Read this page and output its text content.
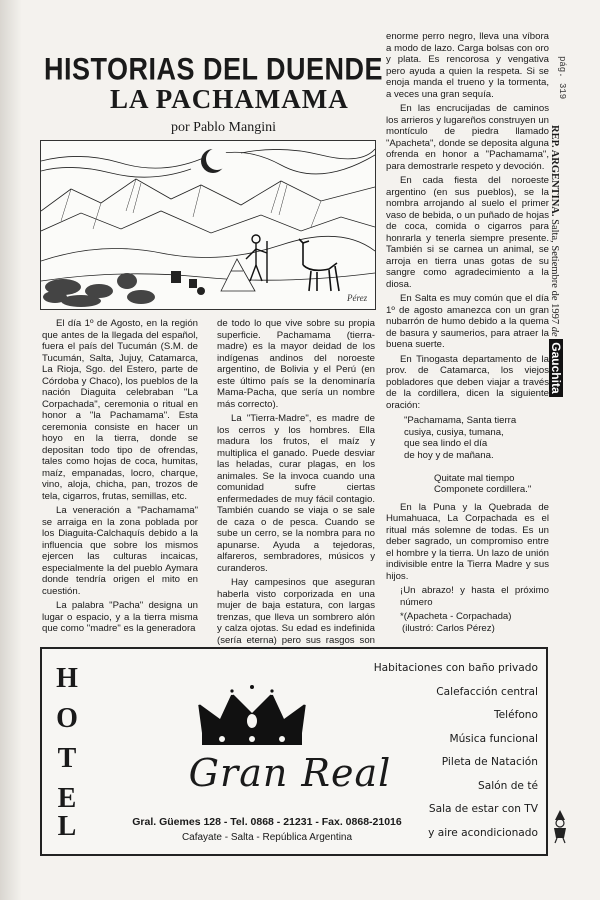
HISTORIAS DEL DUENDE
LA PACHAMAMA
por Pablo Mangini
Pérez

El día 1º de Agosto, en la región que antes de la llegada del español, fuera el país del Tucumán (S.M. de Tucumán, Salta, Jujuy, Catamarca, La Rioja, Sgo. del Estero, parte de Córdoba y Chaco), los pueblos de la nación Diaguita celebraban "La Corpachada", ceremonia o ritual en honor a "la Pachamama". Esta ceremonia consiste en hacer un hoyo en la tierra, donde se depositan todo tipo de ofrendas, tales como hojas de coca, humitas, maíz, empanadas, locro, charque, vino, aloja, chicha, pan, trozos de tela, cigarros, frutas, semillas, etc.

La veneración a "Pachamama" se arraiga en la zona poblada por los Diaguita-Calchaquís debido a la influencia que sobre los mismos ejercen las culturas incaicas, especialmente la del pueblo Aymara donde tendría origen el mito en cuestión.

La palabra "Pacha" designa un lugar o espacio, y a la tierra misma que como "madre" es la generadora

de todo lo que vive sobre su propia superficie. Pachamama (tierra-madre) es la mayor deidad de los indígenas andinos del noroeste argentino, de Bolivia y el Perú (en este último país se la denominaría Mama-Pacha, que sería un nombre más correcto).

La "Tierra-Madre", es madre de los cerros y los hombres. Ella madura los frutos, el maíz y multiplica el ganado. Puede desviar las heladas, curar plagas, en los animales. Se la invoca cuando una comunidad sufre ciertas enfermedades de muy fácil contagio. También cuando se viaja o se sale de caza o de pesca. Cuando se sube un cerro, se la nombra para no apunarse. Ayuda a tejedoras, alfareros, sembradores, músicos y curanderos.

Hay campesinos que aseguran haberla visto corporizada en una mujer de baja estatura, con largas trenzas, que lleva un sombrero alón y calza ojotas. Su edad es indefinida (sería eterna) pero sus rasgos son

enorme perro negro, lleva una víbora a modo de lazo. Carga bolsas con oro y plata. Es rencorosa y vengativa pero ayuda a quien la respeta. Si se enoja manda el trueno y la tormenta, a veces una gran sequía.

En las encrucijadas de caminos los arrieros y lugareños construyen un montículo de piedra llamado "Apacheta", donde se deposita alguna ofrenda en honor a "Pachamama", para demostrarle respeto y devoción.

En cada fiesta del noroeste argentino (en sus pueblos), se la nombra arrojando al suelo el primer vaso de bebida, o un puñado de hojas de coca, comida o cigarros para honrarla y tenerla siempre presente. También si se carnea un animal, se arroja en tierra unas gotas de su sangre como agradecimiento a la diosa.

En Salta es muy común que el día 1º de agosto amanezca con un gran nubarrón de humo debido a la quema de basura y saumerios, para atraer la buena suerte.

En Tinogasta departamento de la prov. de Catamarca, los viejos pobladores que deben viajar a través de la cordillera, dicen la siguiente oración:

"Pachamama, Santa tierra
cusiya, cusiya, tumana,
que sea lindo el día
de hoy y de mañana.
Quitate mal tiempo
Componete cordillera."

En la Puna y la Quebrada de Humahuaca, La Corpachada es el ritual más solemne de todas. Es un deber sagrado, un compromiso entre el hombre y la tierra. Un lazo de unión indivisible entre la Tierra Madre y sus hijos.

¡Un abrazo! y hasta el próximo número

*(Apacheta - Corpachada)

(ilustró: Carlos Pérez)

pág. 319
REP. ARGENTINA. Salta, Setiembre de 1997 de Gauchita
H
O
T
E
L
Gran Real
Gral. Güemes 128 - Tel. 0868 - 21231 - Fax. 0868-21016
Cafayate - Salta - República Argentina
Habitaciones con baño privado
Calefacción central
Teléfono
Música funcional
Pileta de Natación
Salón de té
Sala de estar con TV
y aire acondicionado
